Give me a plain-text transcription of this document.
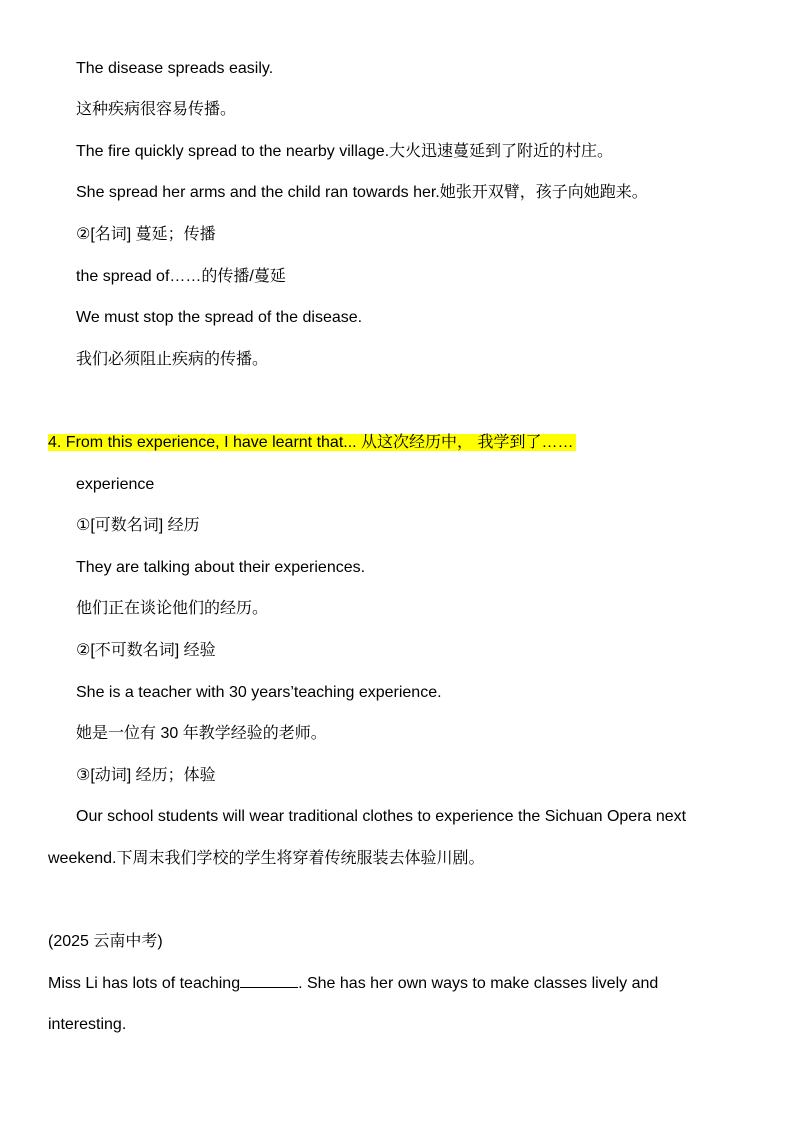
The disease spreads easily.
这种疾病很容易传播。
The fire quickly spread to the nearby village.大火迅速蔓延到了附近的村庄。
She spread her arms and the child ran towards her.她张开双臂，孩子向她跑来。
②[名词] 蔓延；传播
the spread of……的传播/蔓延
We must stop the spread of the disease.
我们必须阻止疾病的传播。
4. From this experience, I have learnt that... 从这次经历中， 我学到了……
experience
①[可数名词] 经历
They are talking about their experiences.
他们正在谈论他们的经历。
②[不可数名词] 经验
She is a teacher with 30 years’teaching experience.
她是一位有 30 年教学经验的老师。
③[动词] 经历；体验
Our school students will wear traditional clothes to experience the Sichuan Opera next
weekend.下周末我们学校的学生将穿着传统服装去体验川剧。
(2025 云南中考)
Miss Li has lots of teaching	. She has her own ways to make classes lively and
interesting.
